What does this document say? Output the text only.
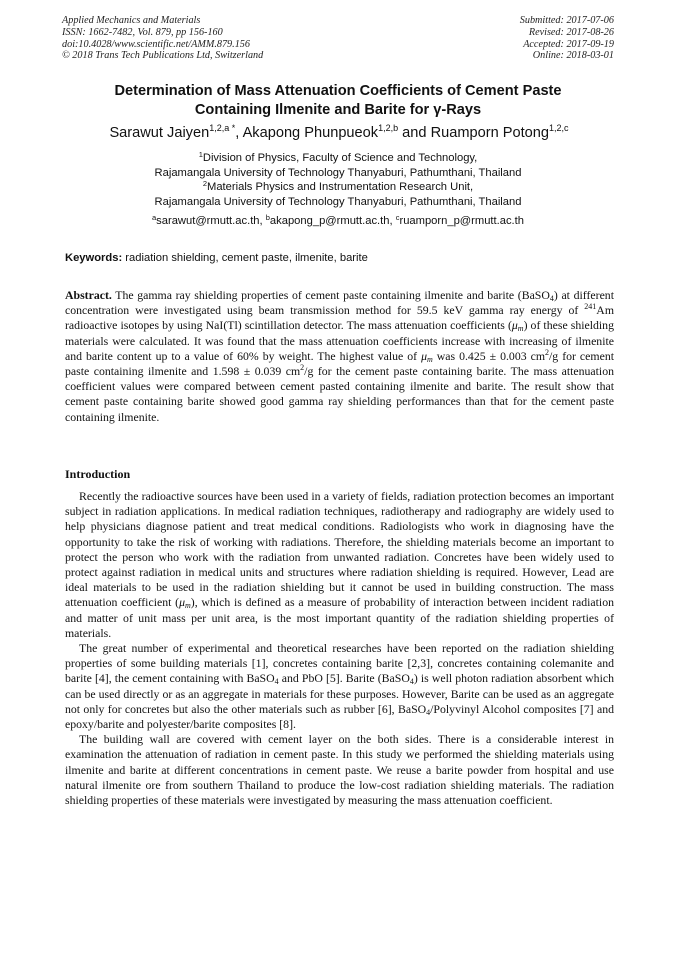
Applied Mechanics and Materials
ISSN: 1662-7482, Vol. 879, pp 156-160
doi:10.4028/www.scientific.net/AMM.879.156
© 2018 Trans Tech Publications Ltd, Switzerland
Submitted: 2017-07-06
Revised: 2017-08-26
Accepted: 2017-09-19
Online: 2018-03-01
Determination of Mass Attenuation Coefficients of Cement Paste
Containing Ilmenite and Barite for γ-Rays
Sarawut Jaiyen$^{1,2,a *}$, Akapong Phunpueok$^{1,2,b}$ and Ruamporn Potong$^{1,2,c}$
$^1$Division of Physics, Faculty of Science and Technology,
Rajamangala University of Technology Thanyaburi, Pathumthani, Thailand
$^2$Materials Physics and Instrumentation Research Unit,
Rajamangala University of Technology Thanyaburi, Pathumthani, Thailand
$^a$sarawut@rmutt.ac.th, $^b$akapong_p@rmutt.ac.th, $^c$ruamporn_p@rmutt.ac.th
Keywords: radiation shielding, cement paste, ilmenite, barite

Abstract. The gamma ray shielding properties of cement paste containing ilmenite and barite (BaSO$_4$) at different concentration were investigated using beam transmission method for 59.5 keV gamma ray energy of $^{241}$Am radioactive isotopes by using NaI(Tl) scintillation detector. The mass attenuation coefficients $(\mu_m)$ of these shielding materials were calculated. It was found that the mass attenuation coefficients increase with increasing of ilmenite and barite content up to a value of 60% by weight. The highest value of $\mu_m$ was 0.425 ± 0.003 $cm^2/g$ for cement paste containing ilmenite and 1.598 ± 0.039 $cm^2/g$ for the cement paste containing barite. The mass attenuation coefficient values were compared between cement pasted containing ilmenite and barite. The result show that cement paste containing barite showed good gamma ray shielding performances than that for the cement paste containing ilmenite.

Introduction

Recently the radioactive sources have been used in a variety of fields, radiation protection becomes an important subject in radiation applications. In medical radiation techniques, radiotherapy and radiography are widely used to help physicians diagnose patient and treat medical conditions. Radiologists who work in diagnosing have the opportunity to take the risk of working with radiations. Therefore, the shielding materials become an important to protect the person who work with the radiation from unwanted radiation. Concretes have been widely used to protect against radiation in medical units and structures where radiation shielding is required. However, Lead are ideal materials to be used in the radiation shielding but it cannot be used in building construction. The mass attenuation coefficient $(\mu_m)$, which is defined as a measure of probability of interaction between incident radiation and matter of unit mass per unit area, is the most important quantity of the radiation shielding properties of materials.

The great number of experimental and theoretical researches have been reported on the radiation shielding properties of some building materials [1], concretes containing barite [2,3], concretes containing colemanite and barite [4], the cement containing with BaSO$_4$ and PbO [5]. Barite (BaSO$_4$) is well photon radiation absorbent which can be used directly or as an aggregate in materials for these purposes. However, Barite can be used as an aggregate not only for concretes but also the other materials such as rubber [6], BaSO$_4$/Polyvinyl Alcohol composites [7] and epoxy/barite and polyester/barite composites [8].

The building wall are covered with cement layer on the both sides. There is a considerable interest in examination the attenuation of radiation in cement paste. In this study we performed the shielding materials using ilmenite and barite at different concentrations in cement paste. We reuse a barite powder from hospital and use natural ilmenite ore from southern Thailand to produce the low-cost radiation shielding materials. The radiation shielding properties of these materials were investigated by measuring the mass attenuation coefficient.
